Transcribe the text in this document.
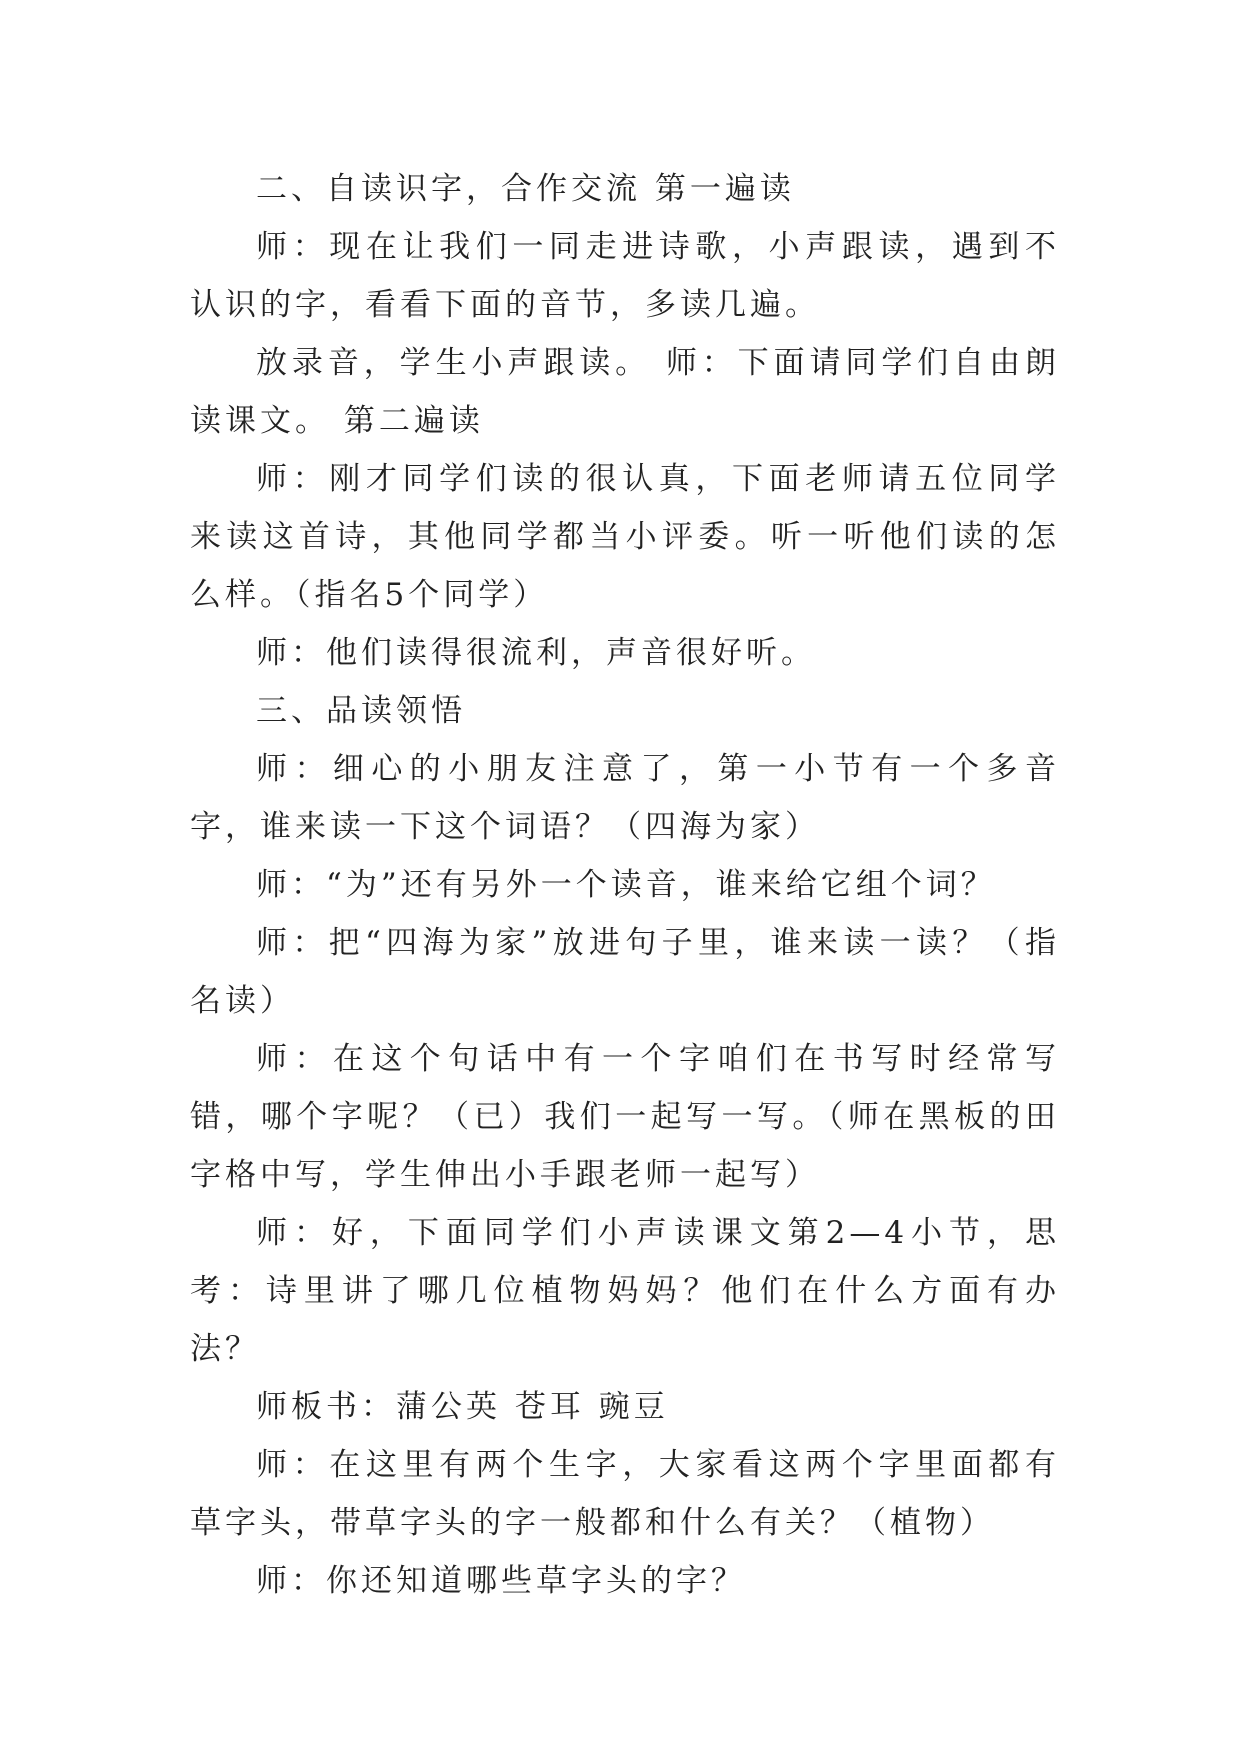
二、自读识字，合作交流 第一遍读

师：现在让我们一同走进诗歌，小声跟读，遇到不认识的字，看看下面的音节，多读几遍。

放录音，学生小声跟读。 师：下面请同学们自由朗读课文。 第二遍读

师：刚才同学们读的很认真，下面老师请五位同学来读这首诗，其他同学都当小评委。听一听他们读的怎么样。（指名5个同学）

师：他们读得很流利，声音很好听。

三、品读领悟

师：细心的小朋友注意了，第一小节有一个多音字，谁来读一下这个词语？（四海为家）

师：“为”还有另外一个读音，谁来给它组个词？

师：把“四海为家”放进句子里，谁来读一读？（指名读）

师：在这个句话中有一个字咱们在书写时经常写错，哪个字呢？（已）我们一起写一写。（师在黑板的田字格中写，学生伸出小手跟老师一起写）

师：好，下面同学们小声读课文第2—4小节，思考：诗里讲了哪几位植物妈妈？他们在什么方面有办法？

师板书：蒲公英 苍耳 豌豆

师：在这里有两个生字，大家看这两个字里面都有草字头，带草字头的字一般都和什么有关？（植物）

师：你还知道哪些草字头的字？
